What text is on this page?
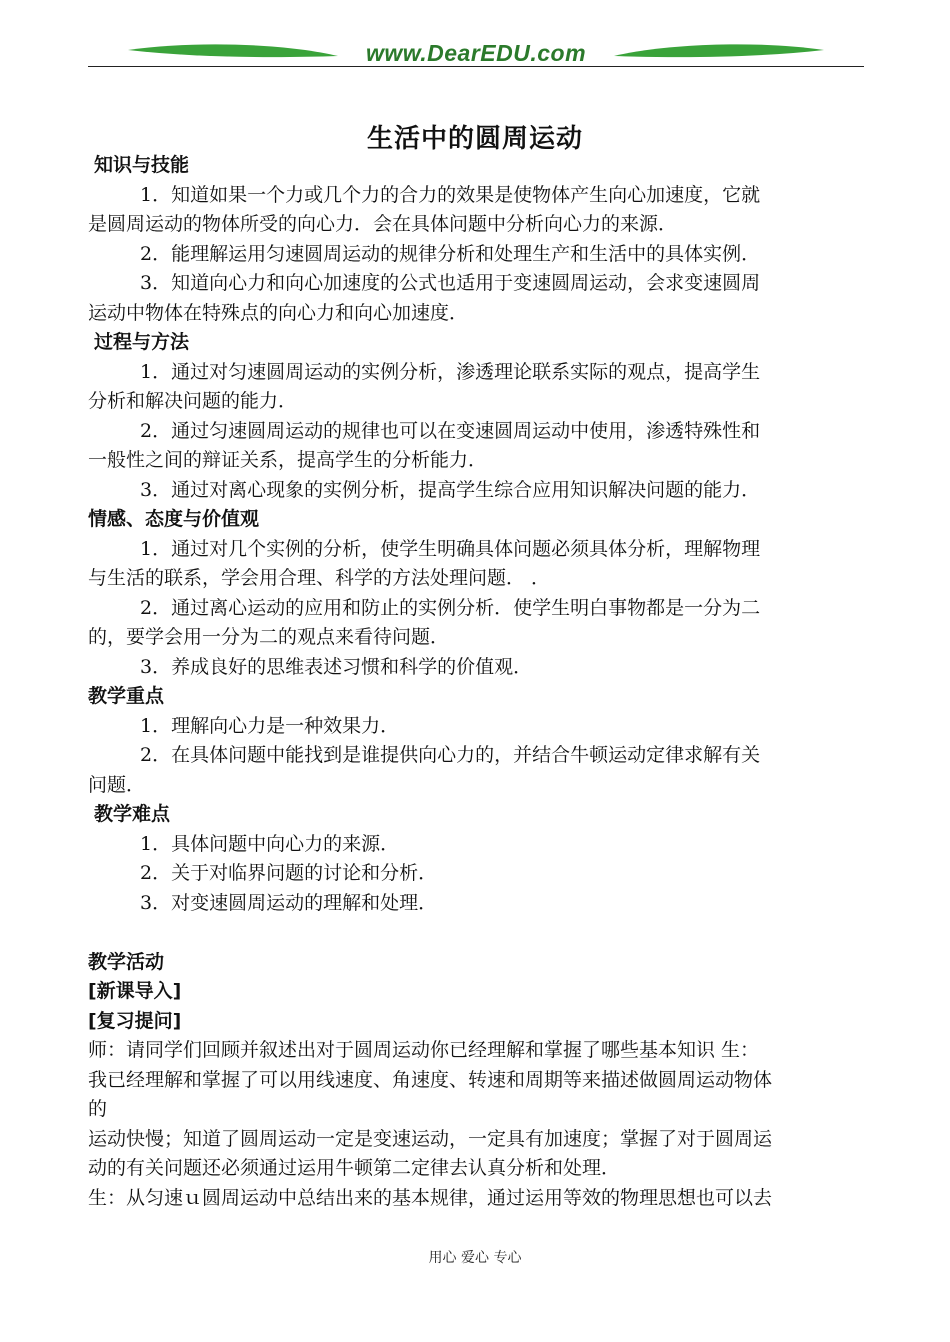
www.DearEDU.com
生活中的圆周运动
知识与技能
1．知道如果一个力或几个力的合力的效果是使物体产生向心加速度，它就
是圆周运动的物体所受的向心力．会在具体问题中分析向心力的来源．
2．能理解运用匀速圆周运动的规律分析和处理生产和生活中的具体实例．
3．知道向心力和向心加速度的公式也适用于变速圆周运动，会求变速圆周
运动中物体在特殊点的向心力和向心加速度．
过程与方法
1．通过对匀速圆周运动的实例分析，渗透理论联系实际的观点，提高学生
分析和解决问题的能力．
2．通过匀速圆周运动的规律也可以在变速圆周运动中使用，渗透特殊性和
一般性之间的辩证关系，提高学生的分析能力．
3．通过对离心现象的实例分析，提高学生综合应用知识解决问题的能力．
情感、态度与价值观
1．通过对几个实例的分析，使学生明确具体问题必须具体分析，理解物理
与生活的联系，学会用合理、科学的方法处理问题． ．
2．通过离心运动的应用和防止的实例分析．使学生明白事物都是一分为二
的，要学会用一分为二的观点来看待问题．
3．养成良好的思维表述习惯和科学的价值观．
教学重点
1．理解向心力是一种效果力．
2．在具体问题中能找到是谁提供向心力的，并结合牛顿运动定律求解有关
问题．
教学难点
1．具体问题中向心力的来源．
2．关于对临界问题的讨论和分析．
3．对变速圆周运动的理解和处理．
教学活动
[新课导入]
[复习提问]
师：请同学们回顾并叙述出对于圆周运动你已经理解和掌握了哪些基本知识 生：
我已经理解和掌握了可以用线速度、角速度、转速和周期等来描述做圆周运动物体
的
运动快慢；知道了圆周运动一定是变速运动，一定具有加速度；掌握了对于圆周运
动的有关问题还必须通过运用牛顿第二定律去认真分析和处理．
生：从匀速ｕ圆周运动中总结出来的基本规律，通过运用等效的物理思想也可以去
用心 爱心 专心
